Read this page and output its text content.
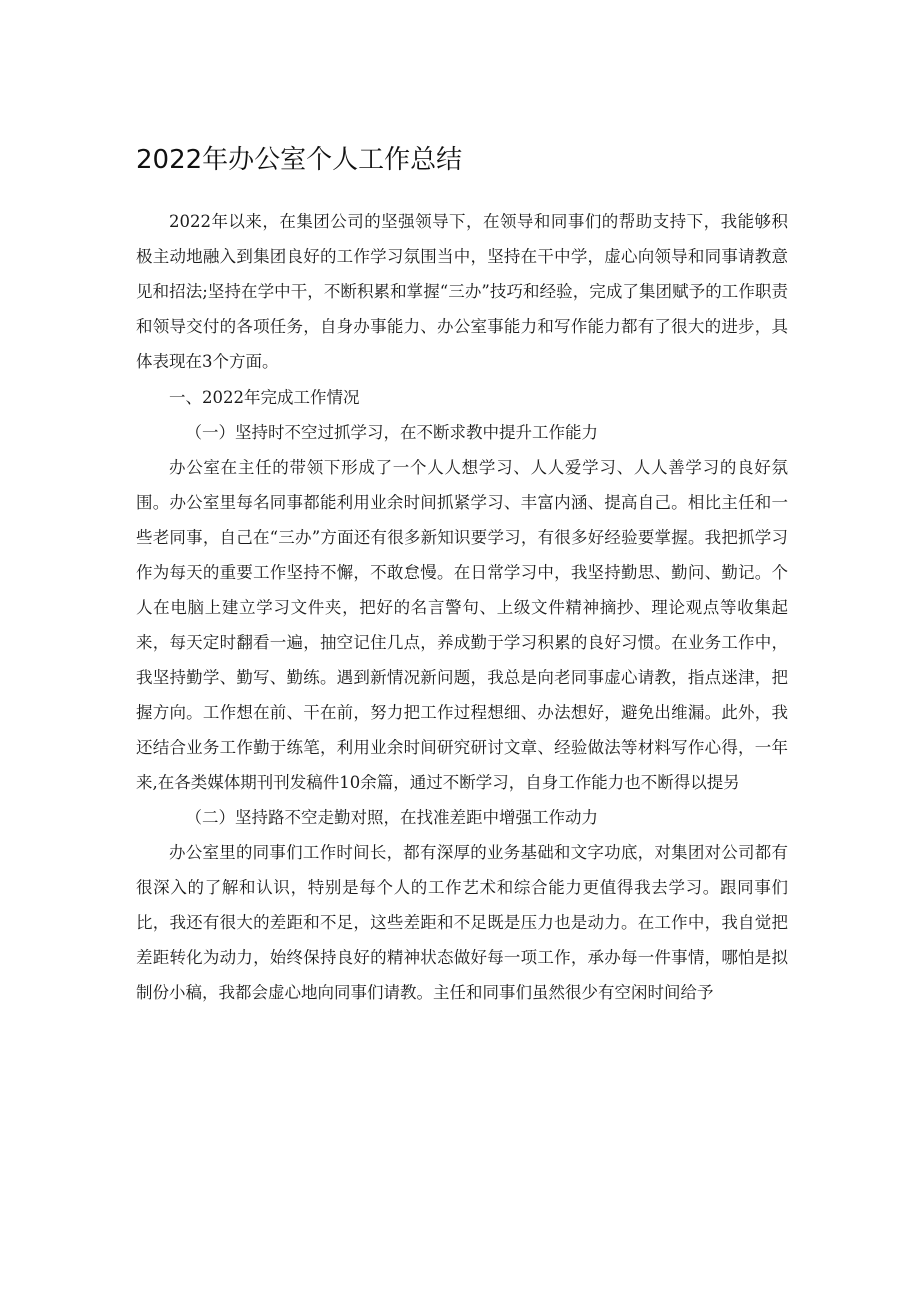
2022年办公室个人工作总结

2022年以来，在集团公司的坚强领导下，在领导和同事们的帮助支持下，我能够积极主动地融入到集团良好的工作学习氛围当中，坚持在干中学，虚心向领导和同事请教意见和招法;坚持在学中干，不断积累和掌握“三办”技巧和经验，完成了集团赋予的工作职责和领导交付的各项任务，自身办事能力、办公室事能力和写作能力都有了很大的进步，具体表现在3个方面。

一、2022年完成工作情况

（一）坚持时不空过抓学习，在不断求教中提升工作能力

办公室在主任的带领下形成了一个人人想学习、人人爱学习、人人善学习的良好氛围。办公室里每名同事都能利用业余时间抓紧学习、丰富内涵、提高自己。相比主任和一些老同事，自己在“三办”方面还有很多新知识要学习，有很多好经验要掌握。我把抓学习作为每天的重要工作坚持不懈，不敢怠慢。在日常学习中，我坚持勤思、勤问、勤记。个人在电脑上建立学习文件夹，把好的名言警句、上级文件精神摘抄、理论观点等收集起来，每天定时翻看一遍，抽空记住几点，养成勤于学习积累的良好习惯。在业务工作中，我坚持勤学、勤写、勤练。遇到新情况新问题，我总是向老同事虚心请教，指点迷津，把握方向。工作想在前、干在前，努力把工作过程想细、办法想好，避免出维漏。此外，我还结合业务工作勤于练笔，利用业余时间研究研讨文章、经验做法等材料写作心得，一年来,在各类媒体期刊刊发稿件10余篇，通过不断学习，自身工作能力也不断得以提另

（二）坚持路不空走勤对照，在找准差距中增强工作动力

办公室里的同事们工作时间长，都有深厚的业务基础和文字功底，对集团对公司都有很深入的了解和认识，特别是每个人的工作艺术和综合能力更值得我去学习。跟同事们比，我还有很大的差距和不足，这些差距和不足既是压力也是动力。在工作中，我自觉把差距转化为动力，始终保持良好的精神状态做好每一项工作，承办每一件事情，哪怕是拟制份小稿，我都会虚心地向同事们请教。主任和同事们虽然很少有空闲时间给予
